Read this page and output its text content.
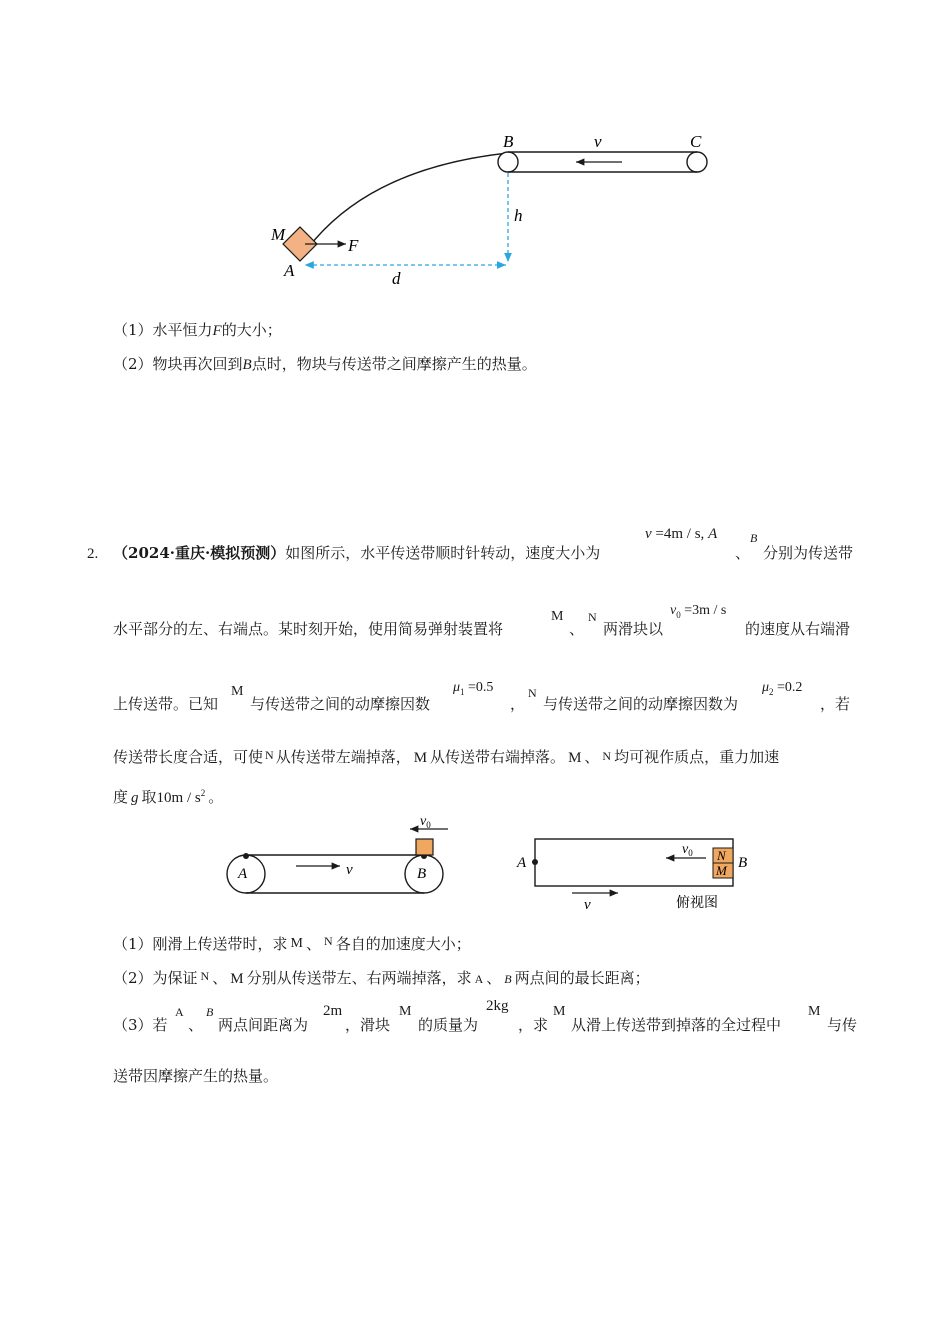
B	C
v
h
M
F
A	d
（1）水平恒力F的大小；
（2）物块再次回到B点时，物块与传送带之间摩擦产生的热量。
2. （2024·重庆·模拟预测）如图所示，水平传送带顺时针转动，速度大小为
v =4m / s, A
、
B
分别为传送带
水平部分的左、右端点。某时刻开始，使用简易弹射装置将
M
、
N
两滑块以
$v_0 =3m / s$
的速度从右端滑
上传送带。已知
M
与传送带之间的动摩擦因数
$\mu_1 =0.5$
，
N
与传送带之间的动摩擦因数为
$\mu_2 =0.2$
，若
传送带长度合适，可使 $^N$ 从传送带左端掉落， M 从传送带右端掉落。 M 、 N 均可视作质点，重力加速
度 g 取$10m / s^2$ 。
$v_0$
A	B
v	A
$v_0$ N
M B
v	俯视图
（1）刚滑上传送带时，求 M 、 $^N$ 各自的加速度大小；
（2）为保证 $^N$ 、 M 分别从传送带左、右两端掉落，求 A 、 B 两点间的最长距离；
（3）若
A
、
B
两点间距离为
2m
，滑块
M
的质量为
2kg
，求
M
从滑上传送带到掉落的全过程中
M
与传
送带因摩擦产生的热量。
